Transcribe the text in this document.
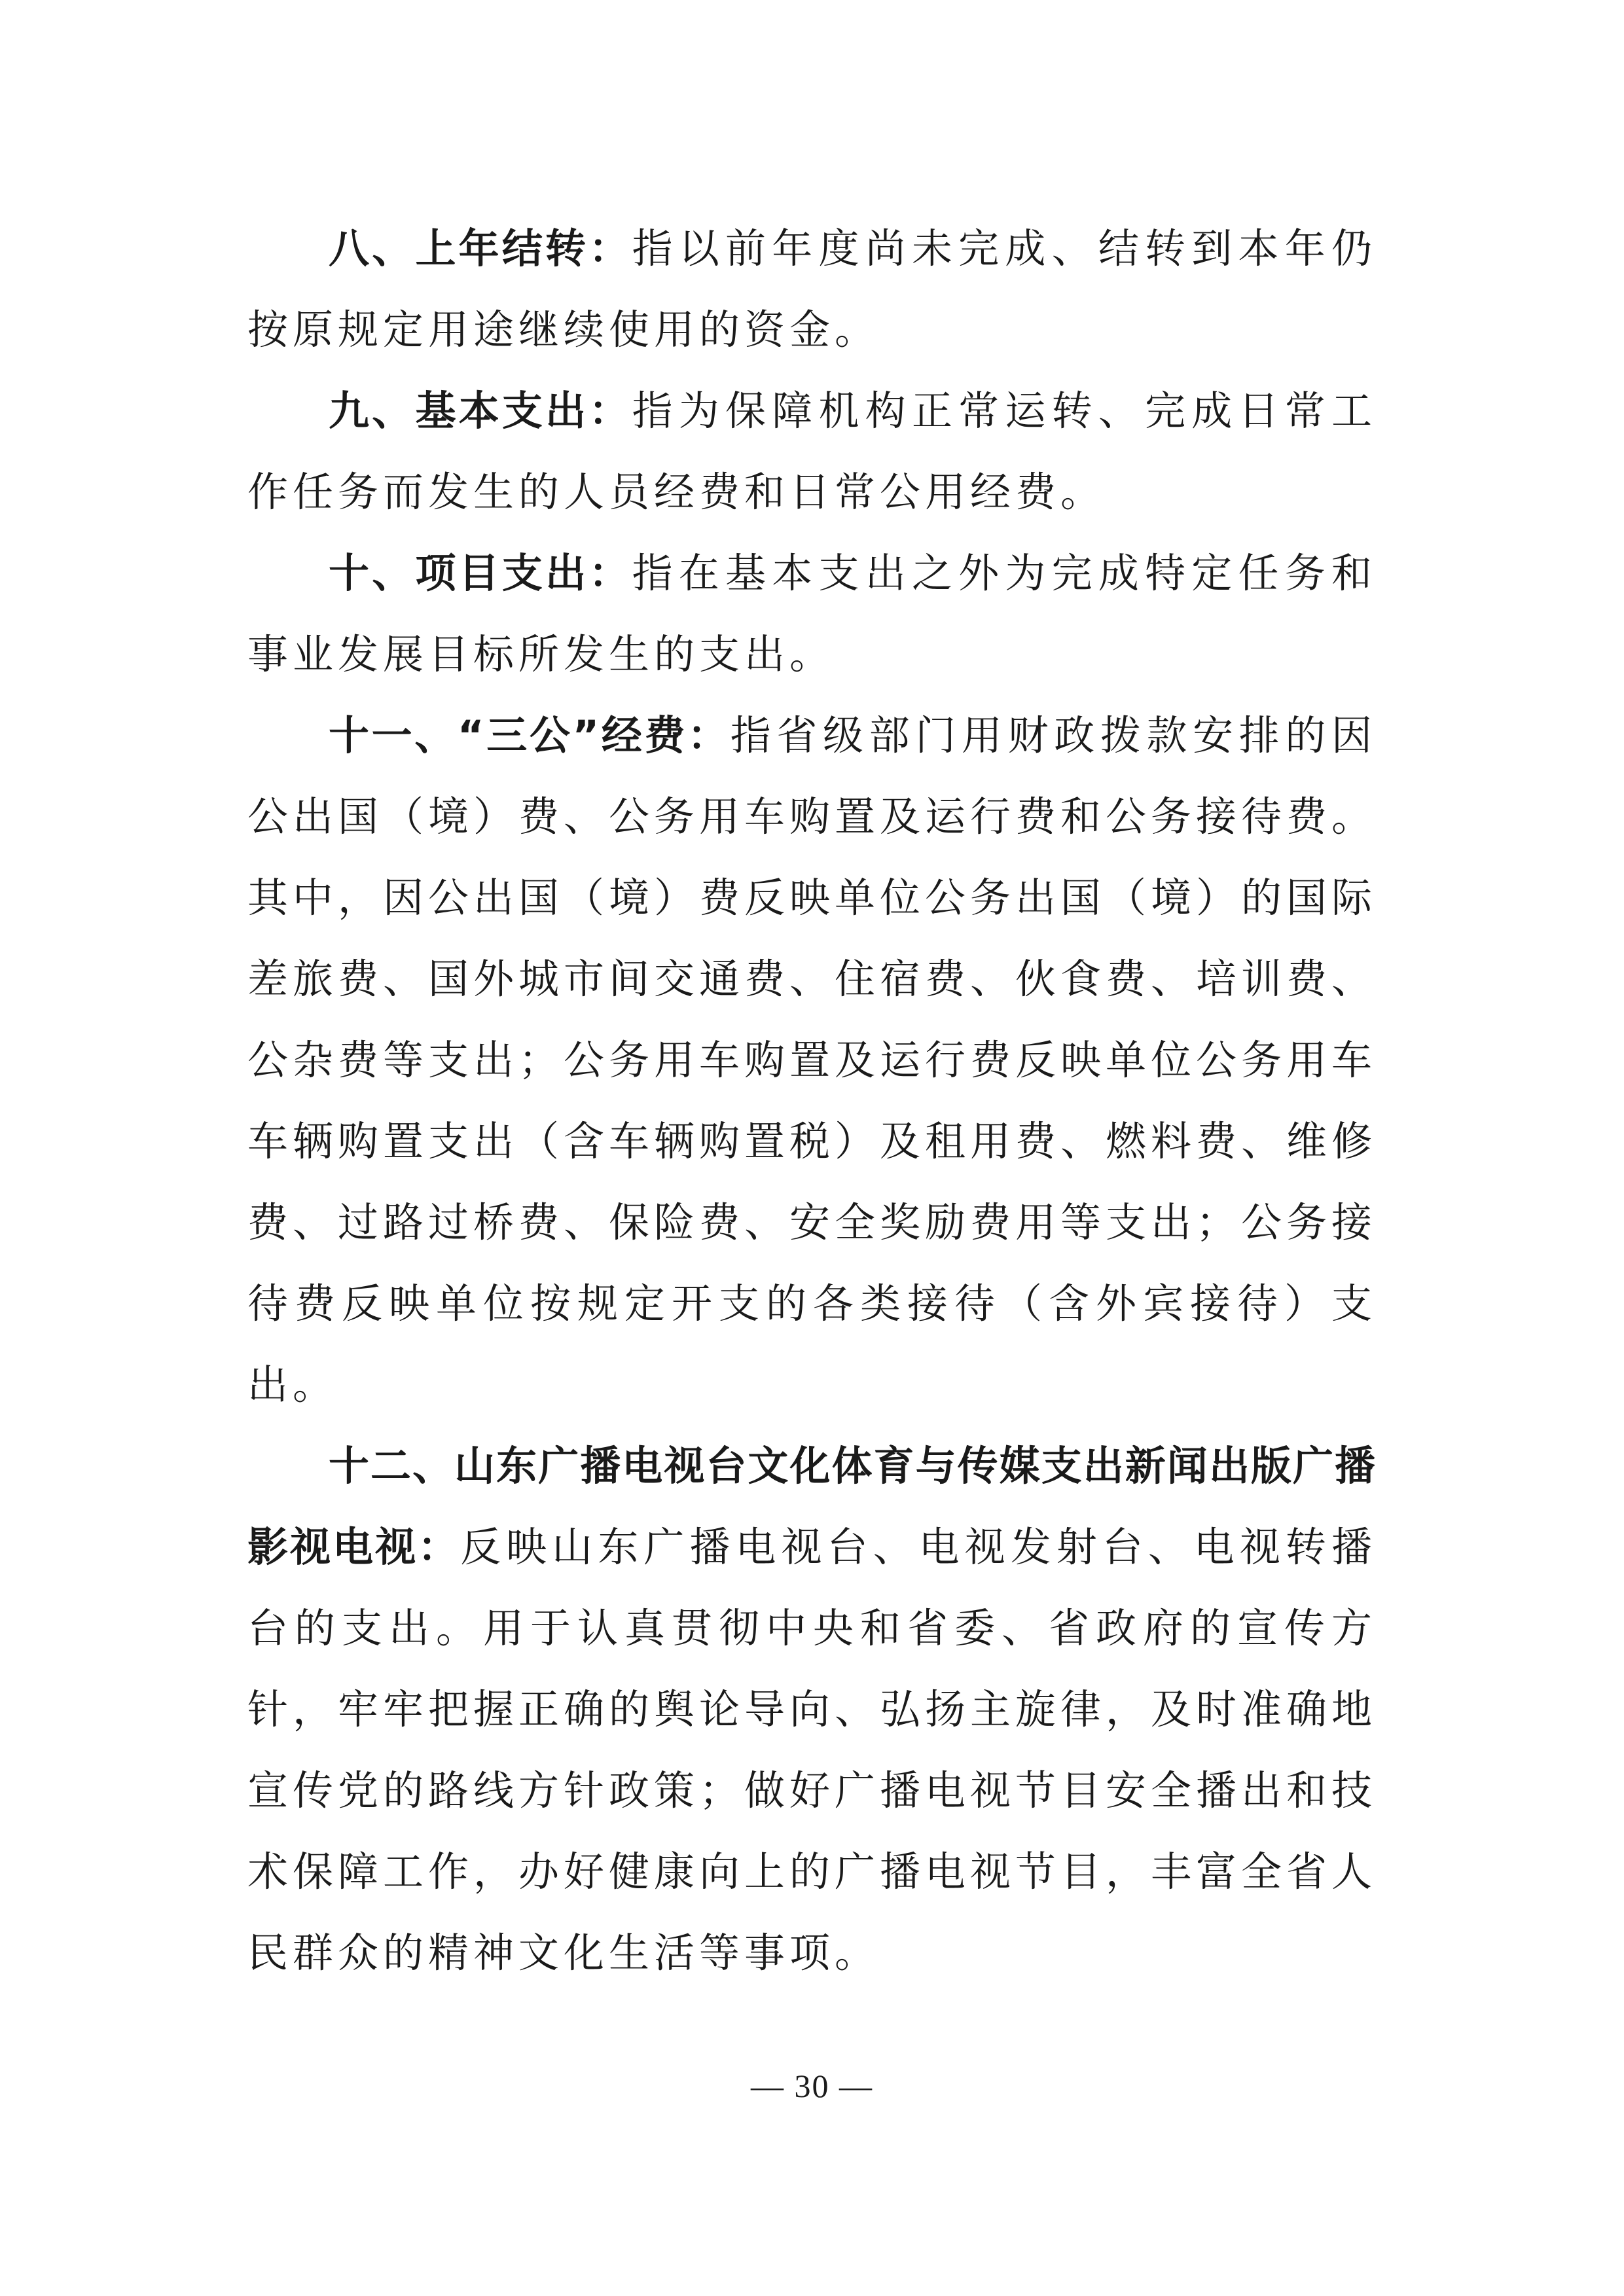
八、上年结转：指以前年度尚未完成、结转到本年仍按原规定用途继续使用的资金。

九、基本支出：指为保障机构正常运转、完成日常工作任务而发生的人员经费和日常公用经费。

十、项目支出：指在基本支出之外为完成特定任务和事业发展目标所发生的支出。

十一、“三公”经费：指省级部门用财政拨款安排的因公出国（境）费、公务用车购置及运行费和公务接待费。其中，因公出国（境）费反映单位公务出国（境）的国际差旅费、国外城市间交通费、住宿费、伙食费、培训费、公杂费等支出；公务用车购置及运行费反映单位公务用车车辆购置支出（含车辆购置税）及租用费、燃料费、维修费、过路过桥费、保险费、安全奖励费用等支出；公务接待费反映单位按规定开支的各类接待（含外宾接待）支出。

十二、山东广播电视台文化体育与传媒支出新闻出版广播影视电视：反映山东广播电视台、电视发射台、电视转播台的支出。用于认真贯彻中央和省委、省政府的宣传方针，牢牢把握正确的舆论导向、弘扬主旋律，及时准确地宣传党的路线方针政策；做好广播电视节目安全播出和技术保障工作，办好健康向上的广播电视节目，丰富全省人民群众的精神文化生活等事项。

— 30 —
